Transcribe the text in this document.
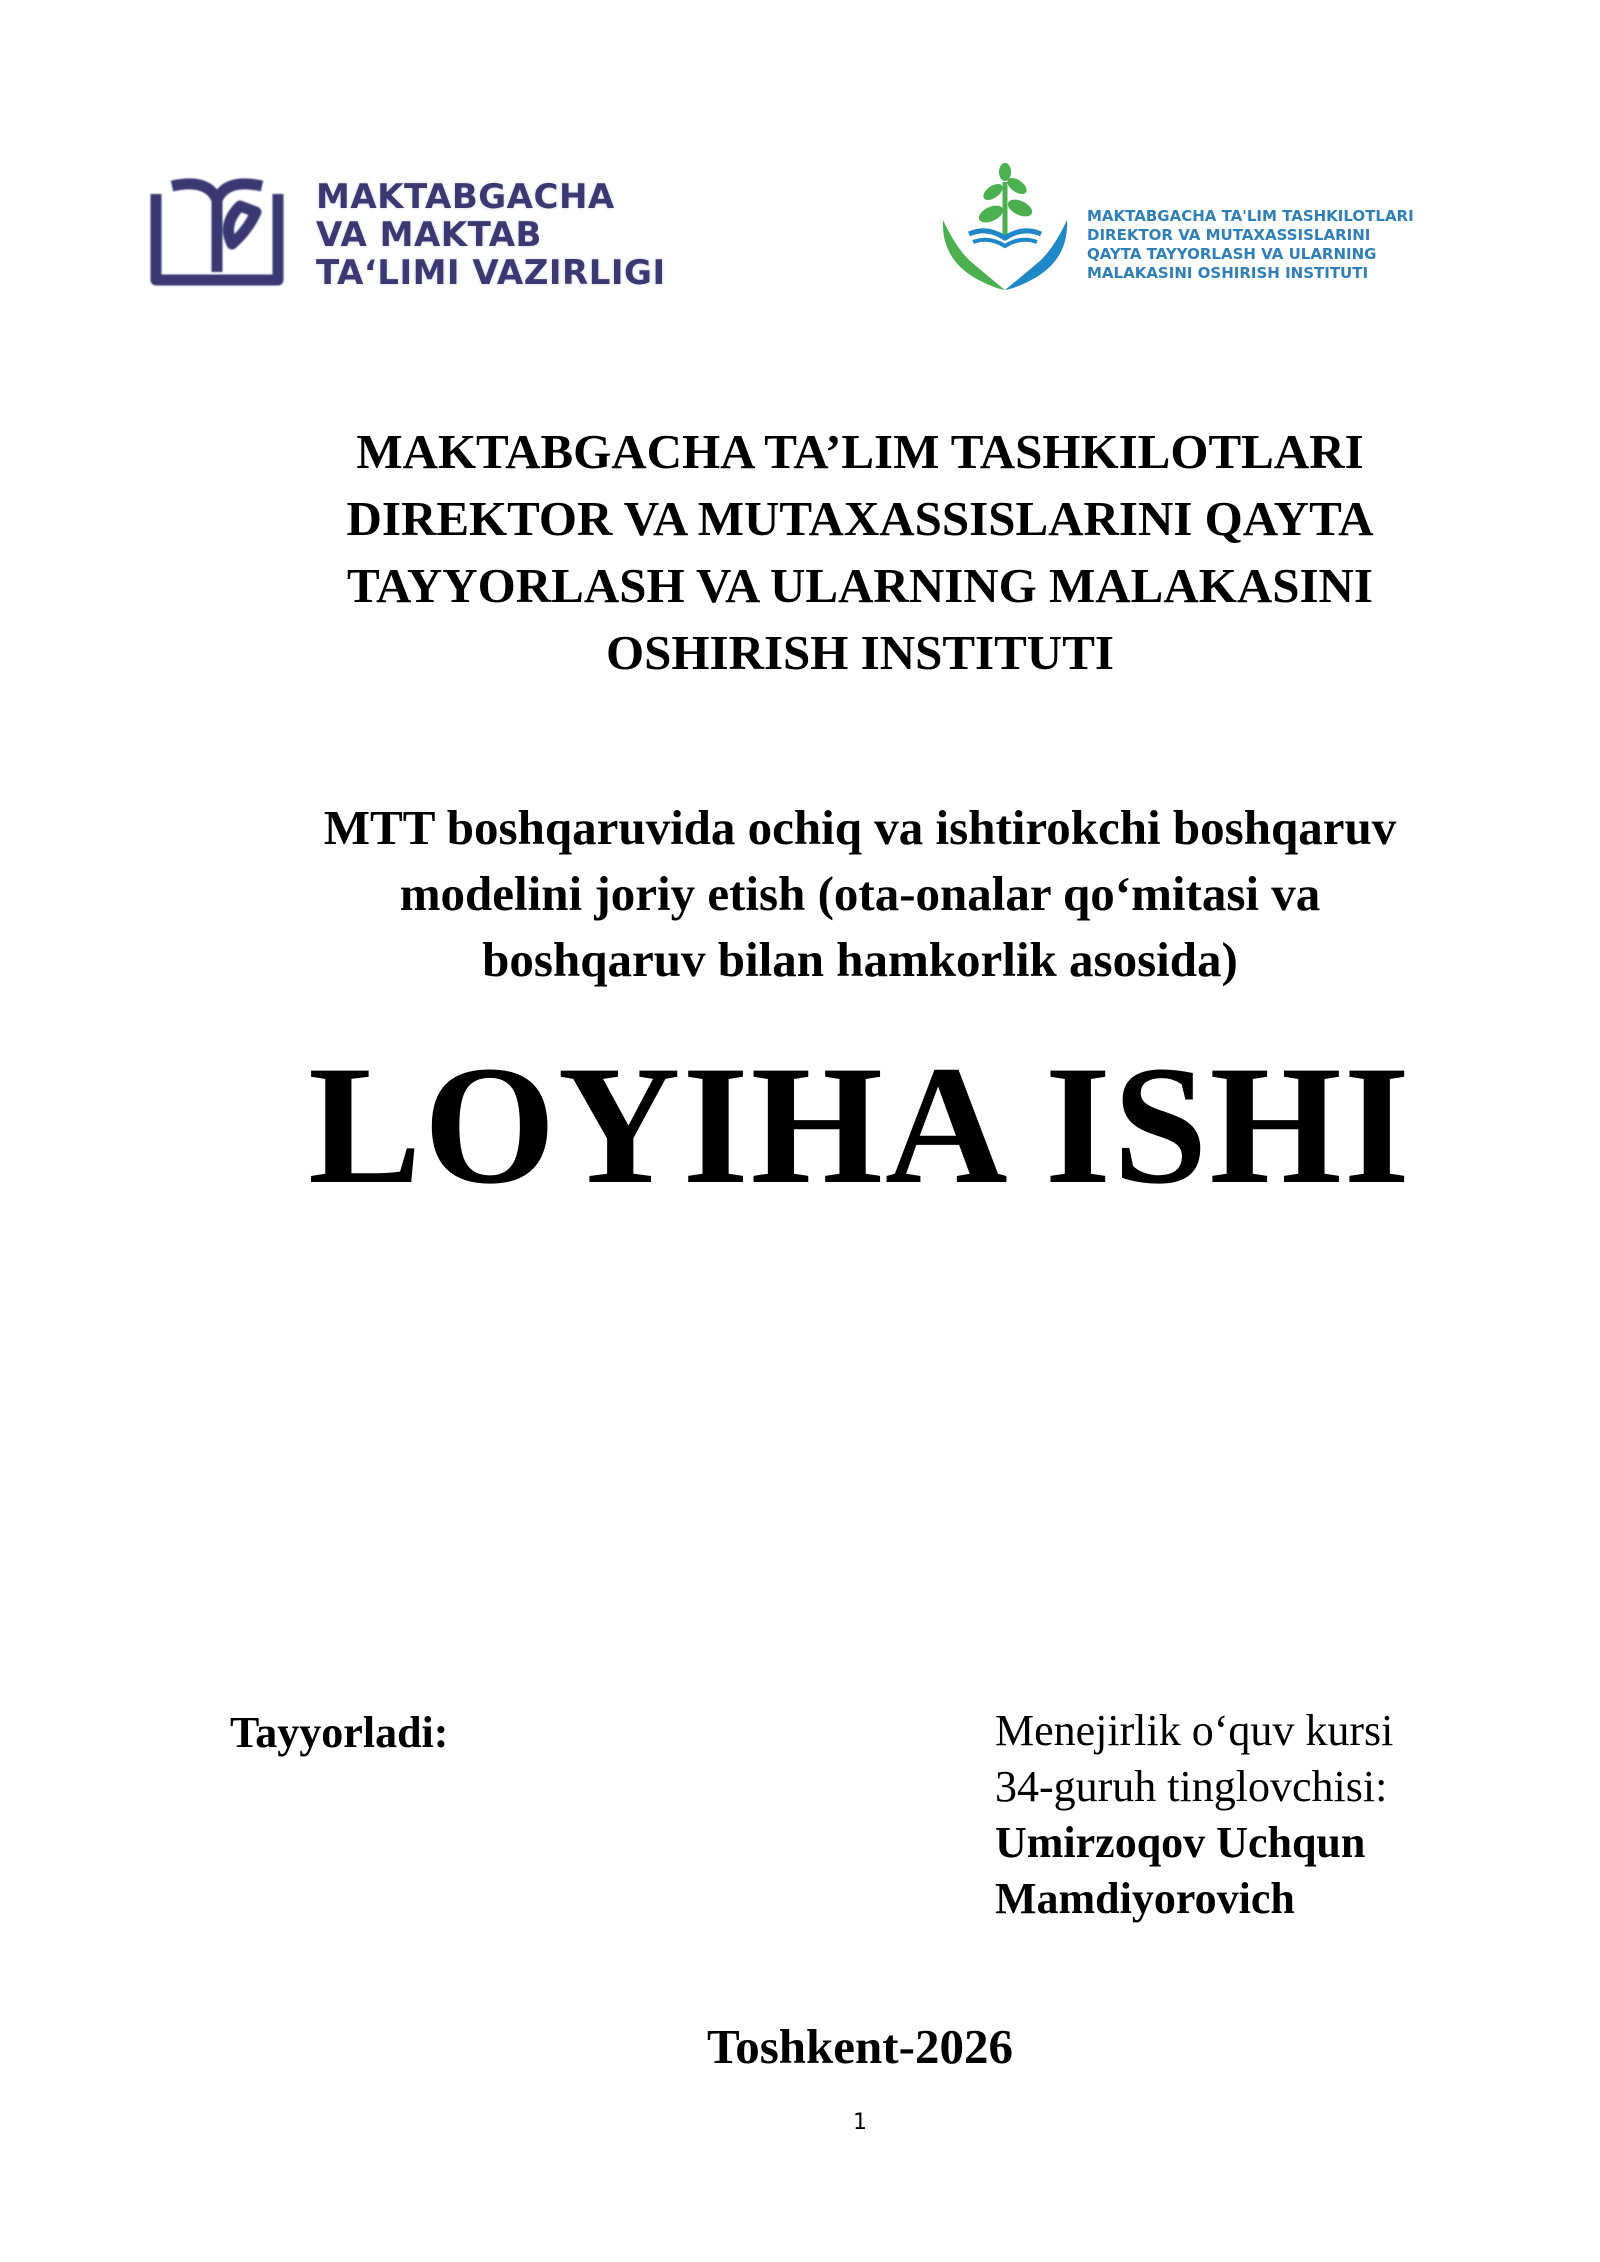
MAKTABGACHA
VA MAKTAB
TAʻLIMI VAZIRLIGI
MAKTABGACHA TA'LIM TASHKILOTLARI
DIREKTOR VA MUTAXASSISLARINI
QAYTA TAYYORLASH VA ULARNING
MALAKASINI OSHIRISH INSTITUTI
MAKTABGACHA TA’LIM TASHKILOTLARI
DIREKTOR VA MUTAXASSISLARINI QAYTA
TAYYORLASH VA ULARNING MALAKASINI
OSHIRISH INSTITUTI
MTT boshqaruvida ochiq va ishtirokchi boshqaruv
modelini joriy etish (ota-onalar qo‘mitasi va
boshqaruv bilan hamkorlik asosida)
LOYIHA ISHI
Tayyorladi:	Menejirlik o‘quv kursi
34-guruh tinglovchisi:
Umirzoqov Uchqun
Mamdiyorovich
Toshkent-2026
1
